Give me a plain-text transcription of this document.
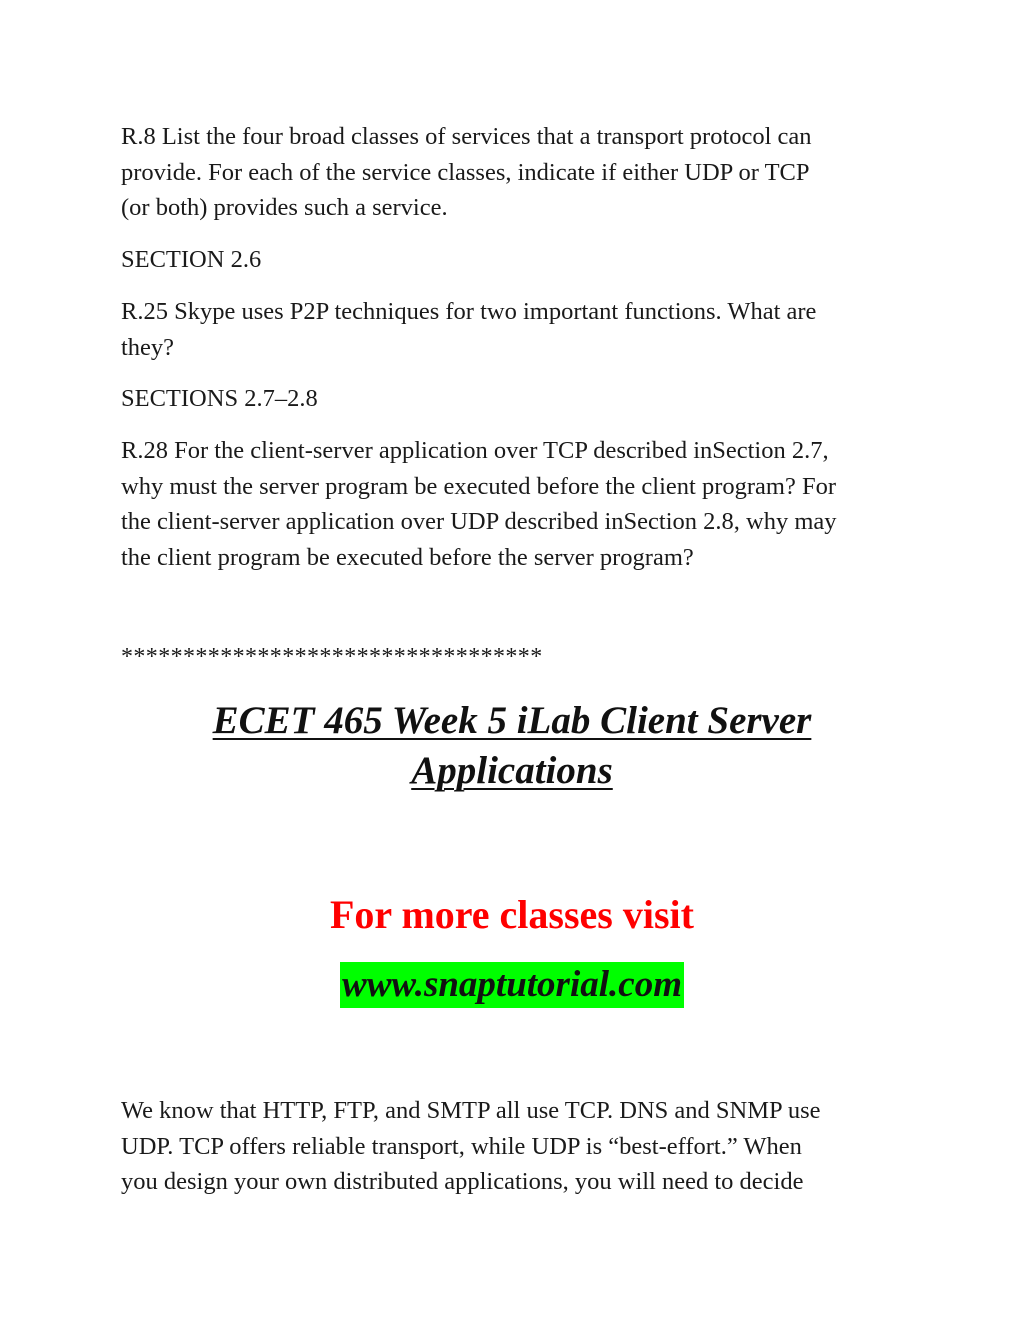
R.8 List the four broad classes of services that a transport protocol can
provide. For each of the service classes, indicate if either UDP or TCP
(or both) provides such a service.

SECTION 2.6

R.25 Skype uses P2P techniques for two important functions. What are
they?

SECTIONS 2.7–2.8

R.28 For the client-server application over TCP described inSection 2.7,
why must the server program be executed before the client program? For
the client-server application over UDP described inSection 2.8, why may
the client program be executed before the server program?

**********************************

ECET 465 Week 5 iLab Client Server
Applications

For more classes visit

www.snaptutorial.com

We know that HTTP, FTP, and SMTP all use TCP. DNS and SNMP use
UDP. TCP offers reliable transport, while UDP is “best-effort.” When
you design your own distributed applications, you will need to decide
